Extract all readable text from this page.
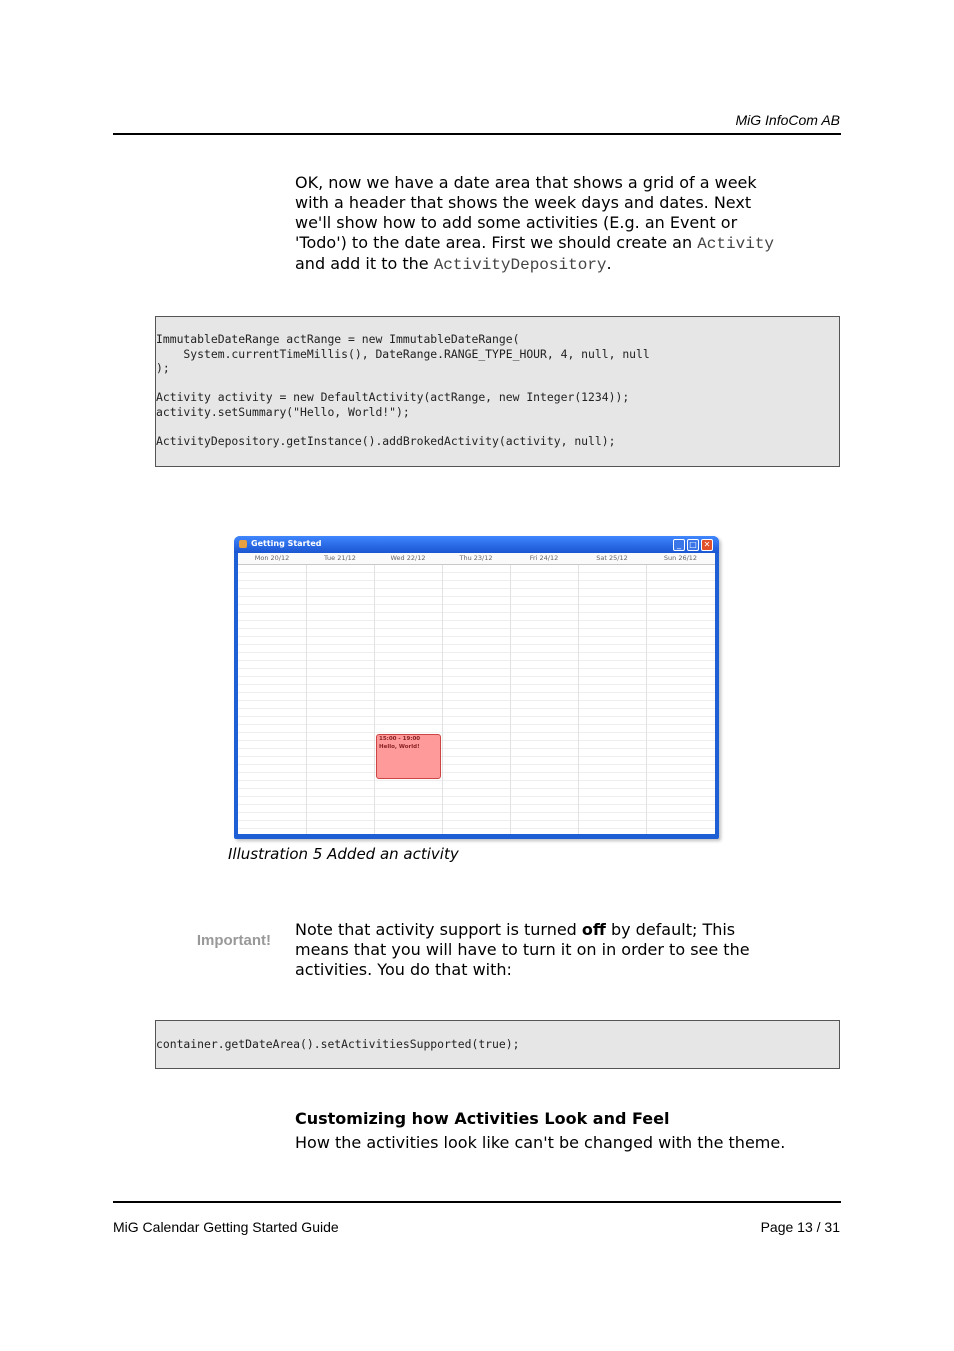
MiG InfoCom AB
OK, now we have a date area that shows a grid of a week
with a header that shows the week days and dates. Next
we'll show how to add some activities (E.g. an Event or
'Todo') to the date area. First we should create an Activity
and add it to the ActivityDepository.
ImmutableDateRange actRange = new ImmutableDateRange(
System.currentTimeMillis(), DateRange.RANGE_TYPE_HOUR, 4, null, null
);
Activity activity = new DefaultActivity(actRange, new Integer(1234));
activity.setSummary("Hello, World!");
ActivityDepository.getInstance().addBrokedActivity(activity, null);
Getting Started	_	□ ✕
Mon 20/12	Tue 21/12	Wed 22/12	Thu 23/12	Fri 24/12	Sat 25/12	Sun 26/12
15:00 - 19:00
Hello, World!
Illustration 5 Added an activity
Important!
Note that activity support is turned off by default; This
means that you will have to turn it on in order to see the
activities. You do that with:
container.getDateArea().setActivitiesSupported(true);
Customizing how Activities Look and Feel
How the activities look like can't be changed with the theme.
MiG Calendar Getting Started Guide	Page 13 / 31
